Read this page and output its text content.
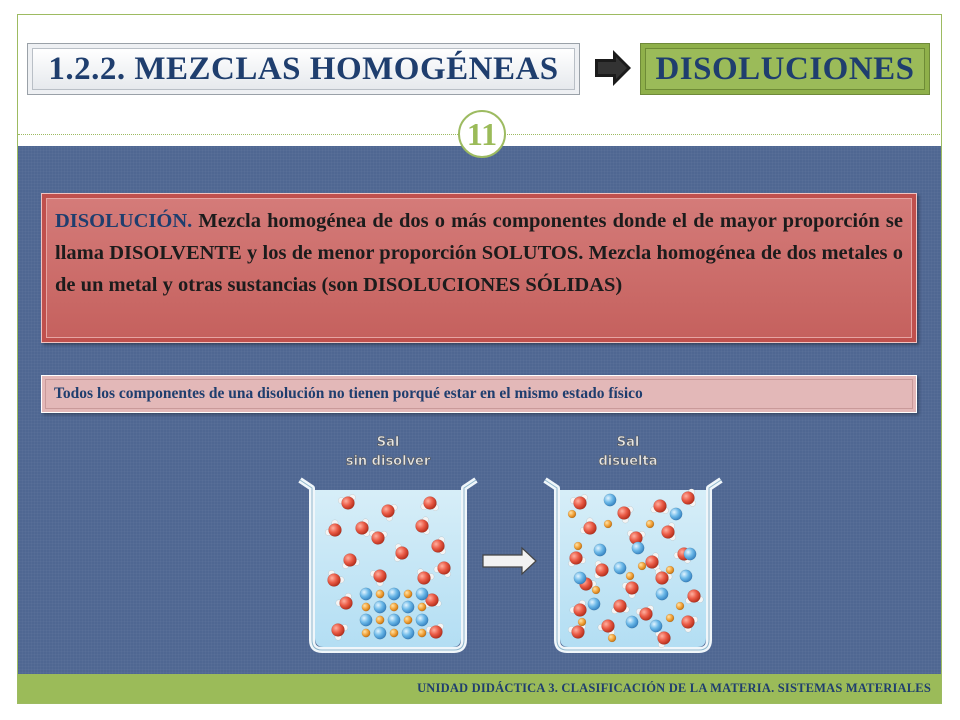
1.2.2. MEZCLAS HOMOGÉNEAS	DISOLUCIONES
11
DISOLUCIÓN. Mezcla homogénea de dos o más componentes donde el de mayor proporción se llama DISOLVENTE y los de menor proporción SOLUTOS. Mezcla homogénea de dos metales o de un metal y otras sustancias (son DISOLUCIONES SÓLIDAS)
Todos los componentes de una disolución no tienen porqué estar en el mismo estado físico
Sal
sin disolver
Sal
disuelta
UNIDAD DIDÁCTICA 3. CLASIFICACIÓN DE LA MATERIA. SISTEMAS MATERIALES
